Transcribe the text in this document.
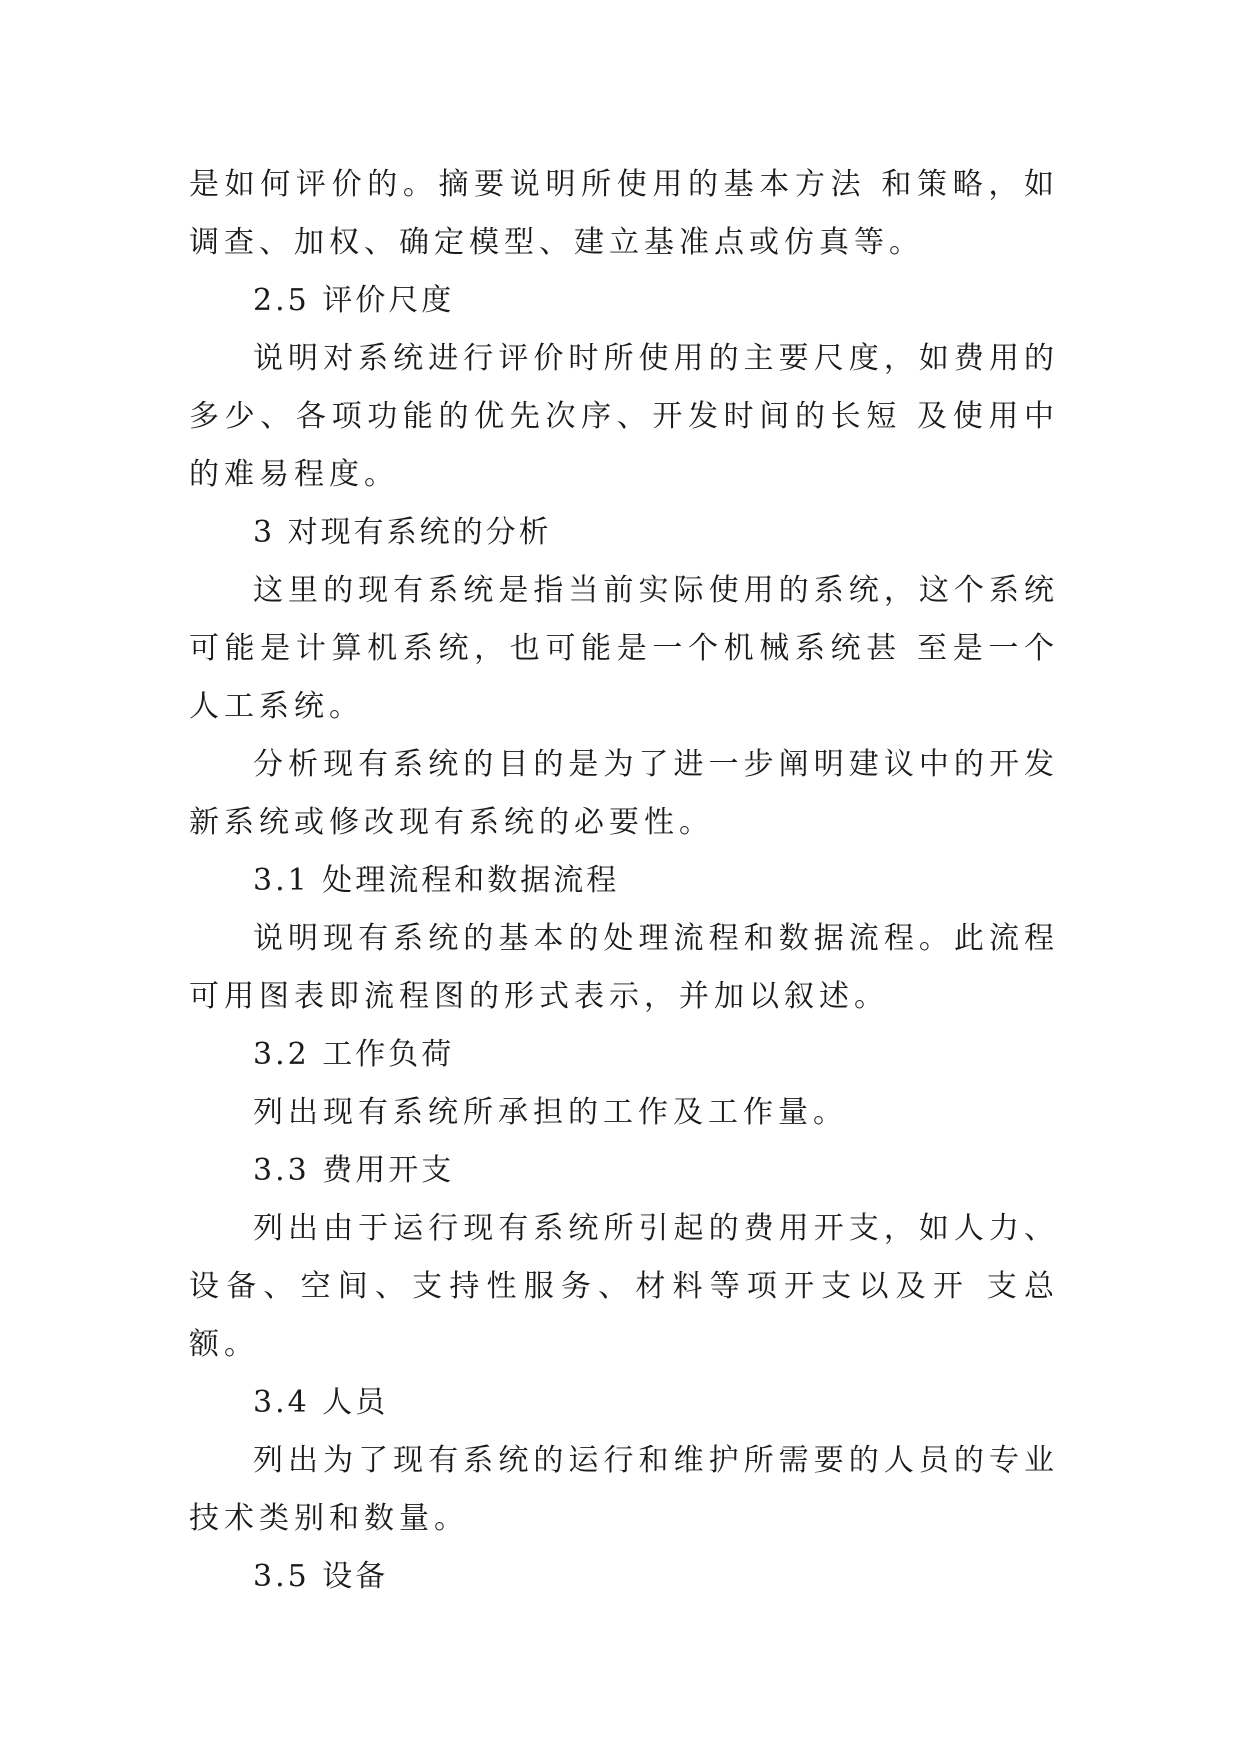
是如何评价的。摘要说明所使用的基本方法 和策略，如调查、加权、确定模型、建立基准点或仿真等。

2.5 评价尺度

说明对系统进行评价时所使用的主要尺度，如费用的多少、各项功能的优先次序、开发时间的长短 及使用中的难易程度。

3 对现有系统的分析

这里的现有系统是指当前实际使用的系统，这个系统可能是计算机系统，也可能是一个机械系统甚 至是一个人工系统。

分析现有系统的目的是为了进一步阐明建议中的开发新系统或修改现有系统的必要性。

3.1 处理流程和数据流程

说明现有系统的基本的处理流程和数据流程。此流程可用图表即流程图的形式表示，并加以叙述。

3.2 工作负荷

列出现有系统所承担的工作及工作量。

3.3 费用开支

列出由于运行现有系统所引起的费用开支，如人力、设备、空间、支持性服务、材料等项开支以及开 支总额。

3.4 人员

列出为了现有系统的运行和维护所需要的人员的专业技术类别和数量。

3.5 设备
